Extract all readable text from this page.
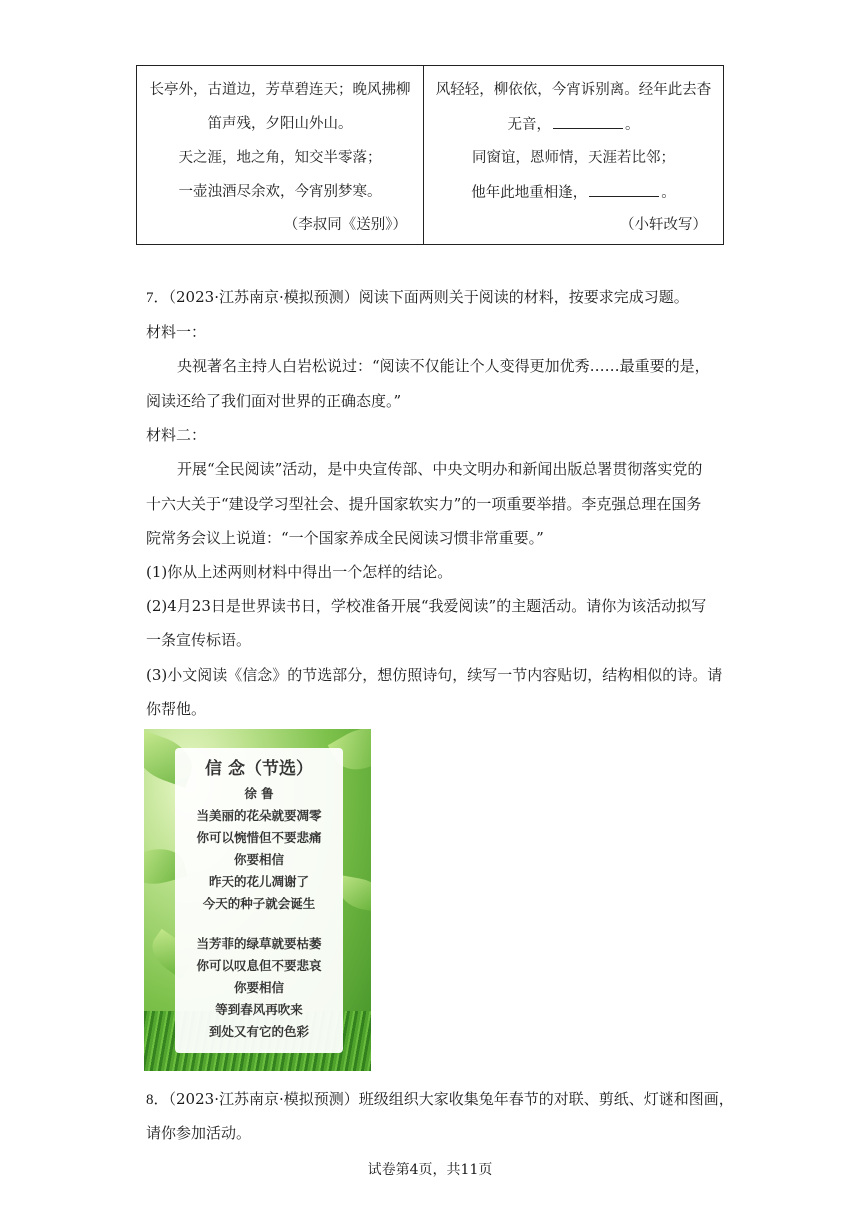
长亭外，古道边，芳草碧连天；晚风拂柳
笛声残，夕阳山外山。
天之涯，地之角，知交半零落；
一壶浊酒尽余欢，今宵别梦寒。
（李叔同《送别》）
风轻轻，柳依依，今宵诉别离。经年此去杳
无音，	。
同窗谊，恩师情，天涯若比邻；
他年此地重相逢，	。
（小轩改写）
7．（2023·江苏南京·模拟预测）阅读下面两则关于阅读的材料，按要求完成习题。
材料一：
央视著名主持人白岩松说过：“阅读不仅能让个人变得更加优秀……最重要的是，
阅读还给了我们面对世界的正确态度。”
材料二：
开展“全民阅读”活动，是中央宣传部、中央文明办和新闻出版总署贯彻落实党的
十六大关于“建设学习型社会、提升国家软实力”的一项重要举措。李克强总理在国务
院常务会议上说道：“一个国家养成全民阅读习惯非常重要。”
(1)你从上述两则材料中得出一个怎样的结论。
(2)4月23日是世界读书日，学校准备开展“我爱阅读”的主题活动。请你为该活动拟写
一条宣传标语。
(3)小文阅读《信念》的节选部分，想仿照诗句，续写一节内容贴切，结构相似的诗。请
你帮他。
信 念（节选）
徐 鲁
当美丽的花朵就要凋零
你可以惋惜但不要悲痛
你要相信
昨天的花儿凋谢了
今天的种子就会诞生
当芳菲的绿草就要枯萎
你可以叹息但不要悲哀
你要相信
等到春风再吹来
到处又有它的色彩
8．（2023·江苏南京·模拟预测）班级组织大家收集兔年春节的对联、剪纸、灯谜和图画，
请你参加活动。
试卷第4页，共11页
